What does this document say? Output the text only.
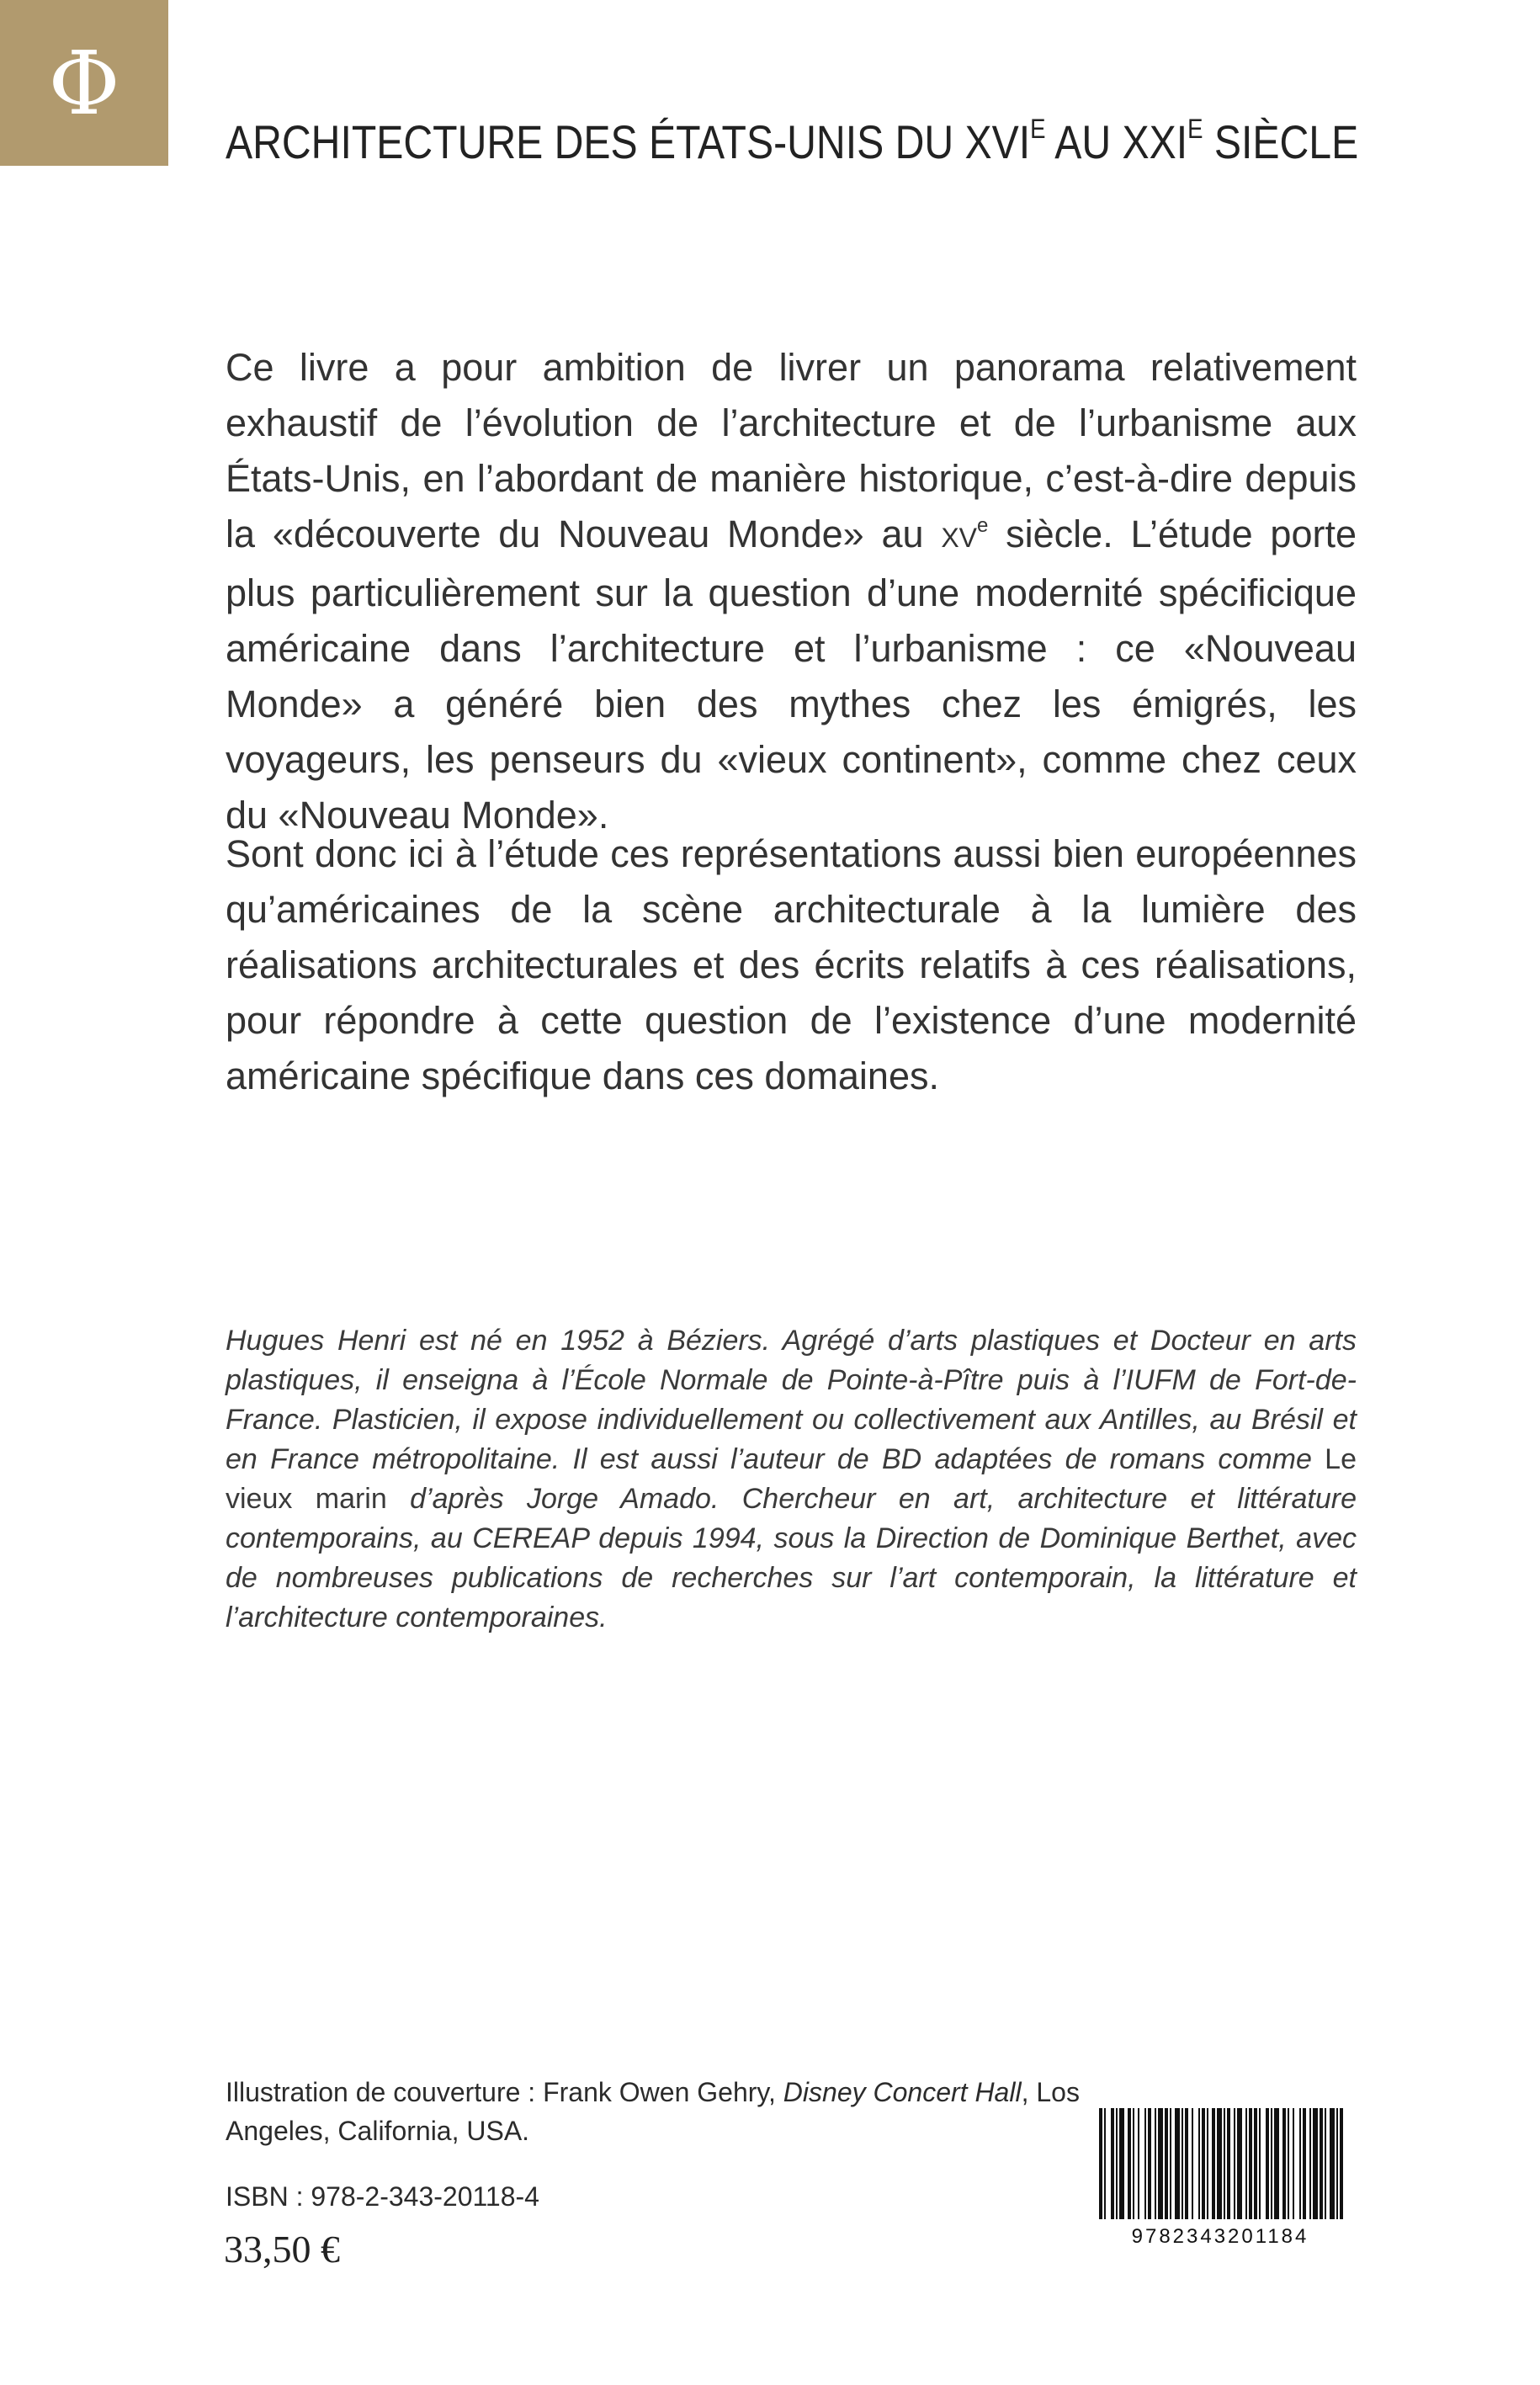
Φ
ARCHITECTURE DES ÉTATS-UNIS DU $XVI^E$ AU $XXI^E$ SIÈCLE

Ce livre a pour ambition de livrer un panorama relativement exhaustif de l’évolution de l’architecture et de l’urbanisme aux États-Unis, en l’abordant de manière historique, c’est-à-dire depuis la «découverte du Nouveau Monde» au XVe siècle. L’étude porte plus particulièrement sur la question d’une modernité spécificique américaine dans l’architecture et l’urbanisme : ce «Nouveau Monde» a généré bien des mythes chez les émigrés, les voyageurs, les penseurs du «vieux continent», comme chez ceux du «Nouveau Monde».

Sont donc ici à l’étude ces représentations aussi bien européennes qu’américaines de la scène architecturale à la lumière des réalisations architecturales et des écrits relatifs à ces réalisations, pour répondre à cette question de l’existence d’une modernité américaine spécifique dans ces domaines.

Hugues Henri est né en 1952 à Béziers. Agrégé d’arts plastiques et Docteur en arts plastiques, il enseigna à l’École Normale de Pointe-à-Pître puis à l’IUFM de Fort-de-France. Plasticien, il expose individuellement ou collectivement aux Antilles, au Brésil et en France métropolitaine. Il est aussi l’auteur de BD adaptées de romans comme Le vieux marin d’après Jorge Amado. Chercheur en art, architecture et littérature contemporains, au CEREAP depuis 1994, sous la Direction de Dominique Berthet, avec de nombreuses publications de recherches sur l’art contemporain, la littérature et l’architecture contemporaines.

Illustration de couverture : Frank Owen Gehry, Disney Concert Hall, Los Angeles, California, USA.

ISBN : 978-2-343-20118-4

33,50 €	9782343201184
